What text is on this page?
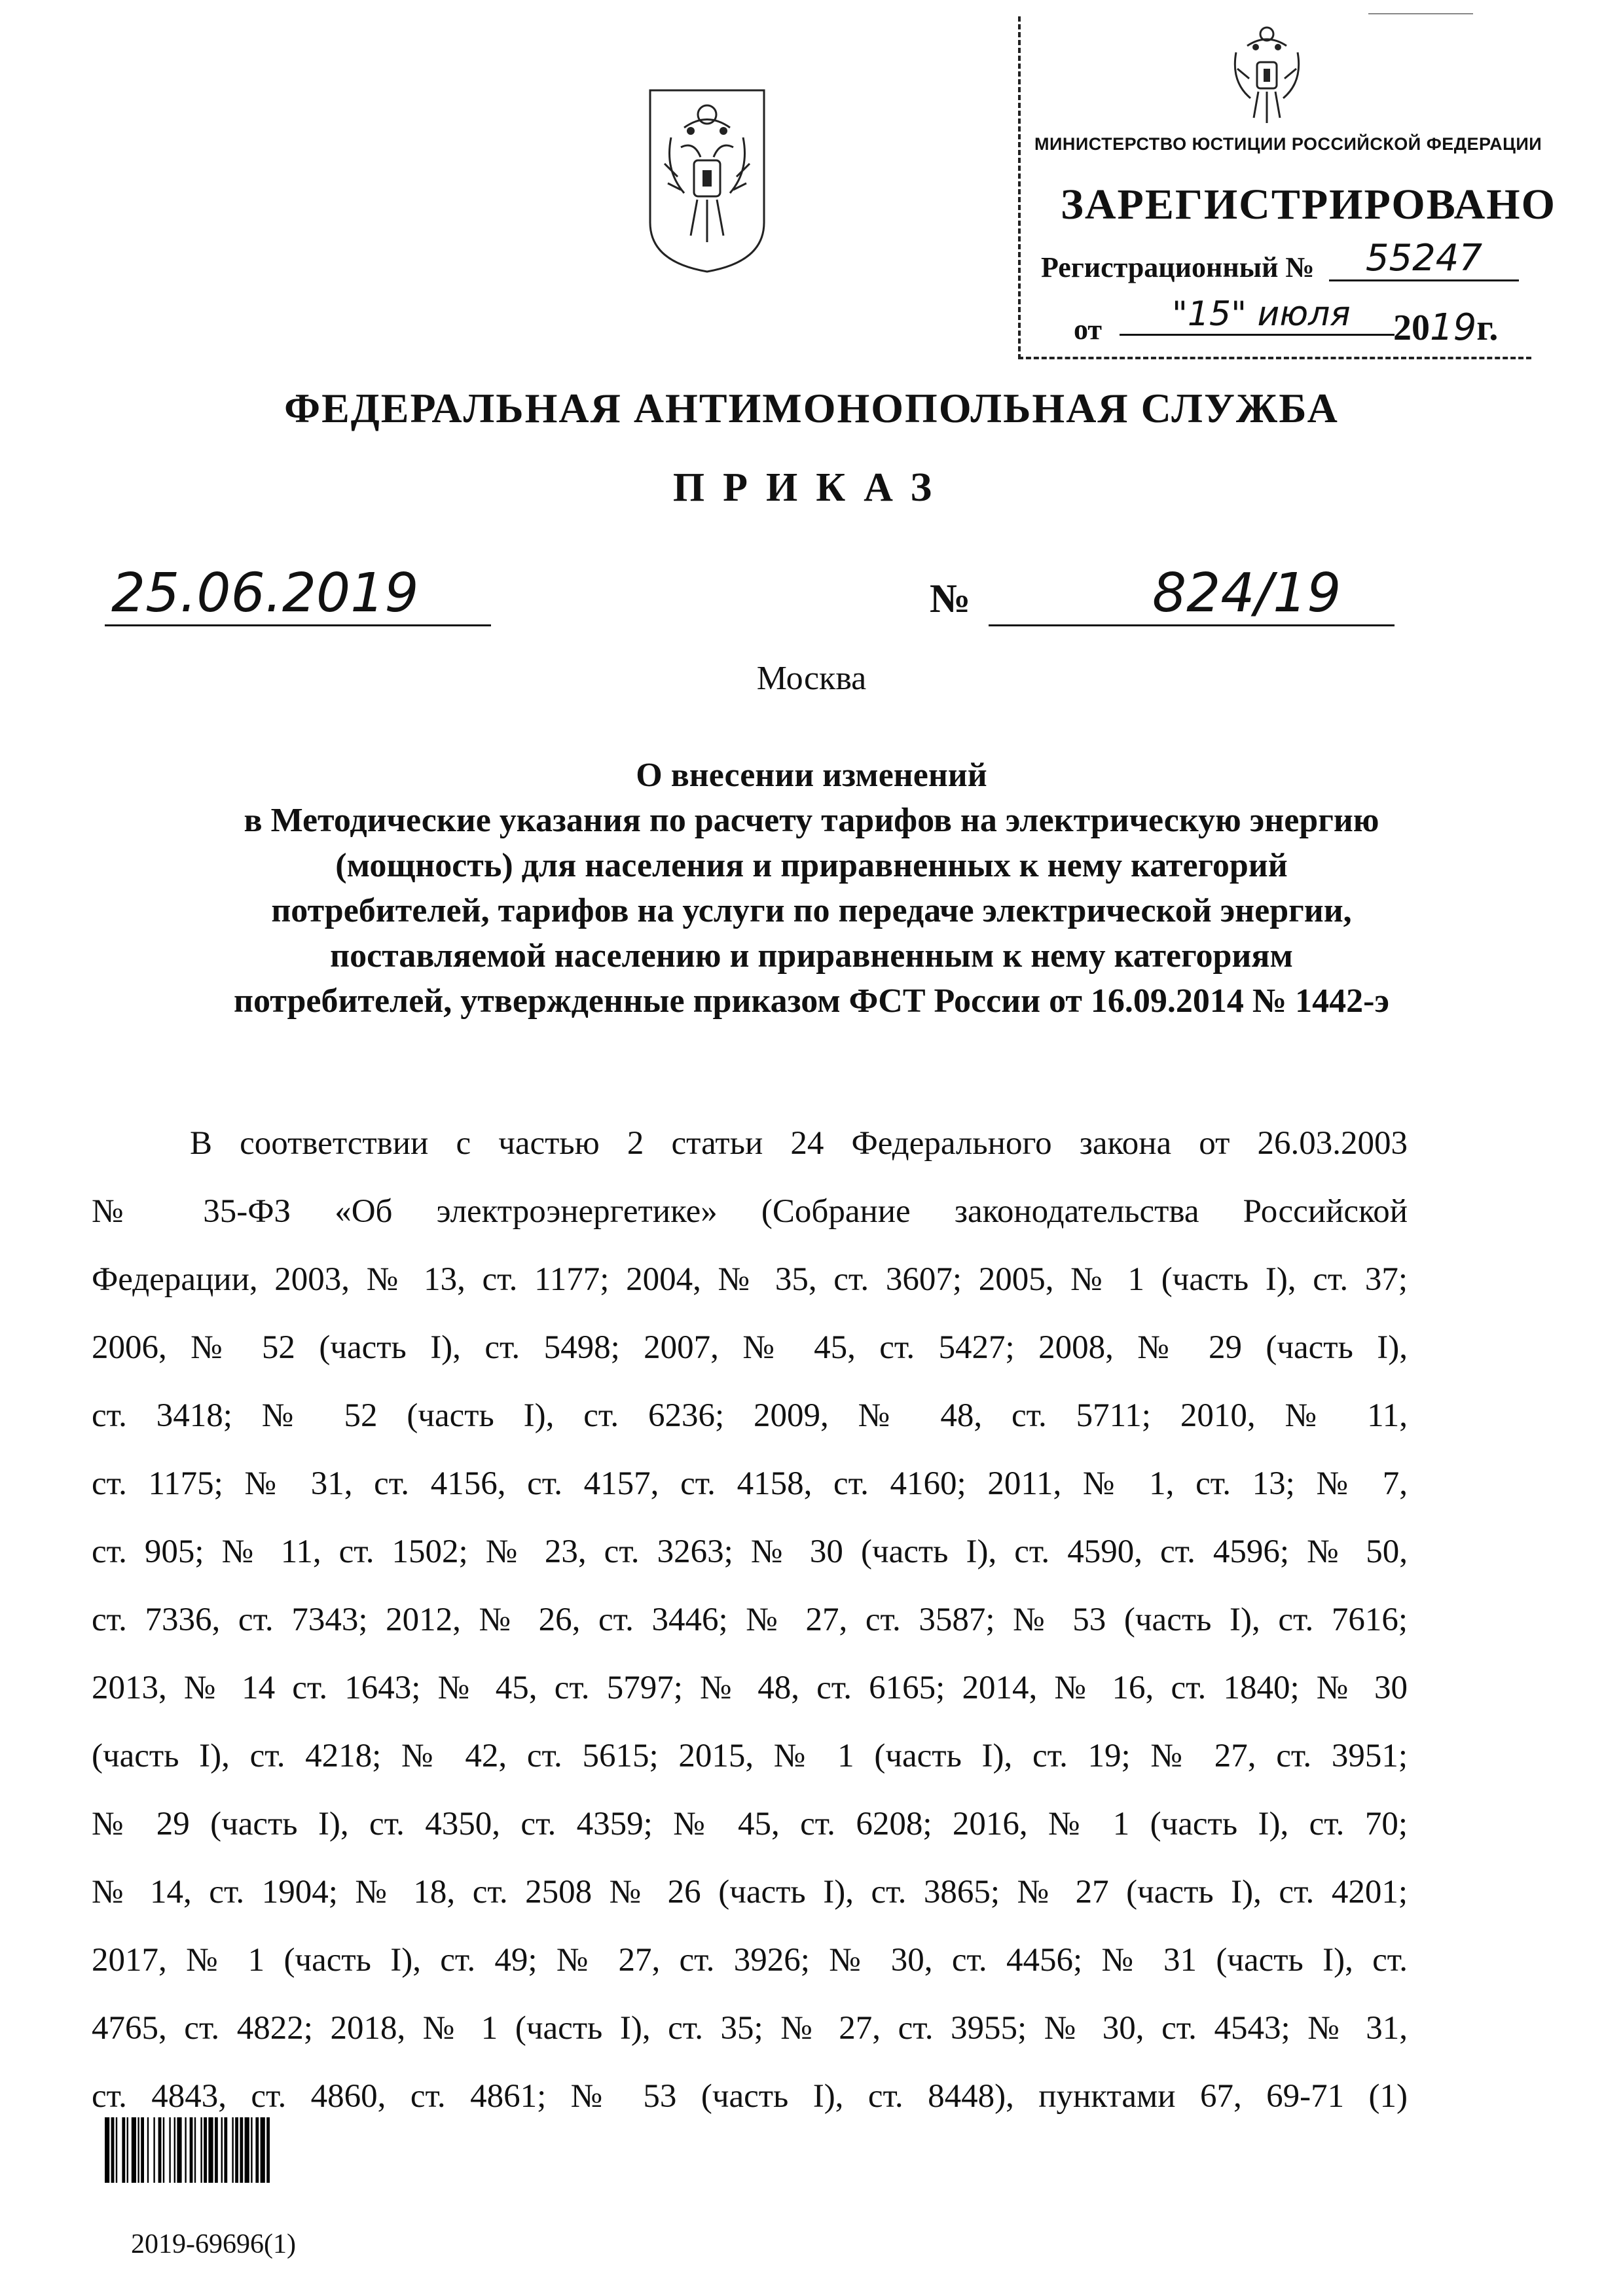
МИНИСТЕРСТВО ЮСТИЦИИ РОССИЙСКОЙ ФЕДЕРАЦИИ
ЗАРЕГИСТРИРОВАНО
Регистрационный №	55247
от	"15" июля	2019г.
ФЕДЕРАЛЬНАЯ АНТИМОНОПОЛЬНАЯ СЛУЖБА
ПРИКАЗ
25.06.2019	№	824/19
Москва
О внесении изменений
в Методические указания по расчету тарифов на электрическую энергию
(мощность) для населения и приравненных к нему категорий
потребителей, тарифов на услуги по передаче электрической энергии,
поставляемой населению и приравненным к нему категориям
потребителей, утвержденные приказом ФСТ России от 16.09.2014 № 1442-э
В соответствии с частью 2 статьи 24 Федерального закона от 26.03.2003
№ 35-ФЗ «Об электроэнергетике» (Собрание законодательства Российской
Федерации, 2003, № 13, ст. 1177; 2004, № 35, ст. 3607; 2005, № 1 (часть I), ст. 37;
2006, № 52 (часть I), ст. 5498; 2007, № 45, ст. 5427; 2008, № 29 (часть I),
ст. 3418; № 52 (часть I), ст. 6236; 2009, № 48, ст. 5711; 2010, № 11,
ст. 1175; № 31, ст. 4156, ст. 4157, ст. 4158, ст. 4160; 2011, № 1, ст. 13; № 7,
ст. 905; № 11, ст. 1502; № 23, ст. 3263; № 30 (часть I), ст. 4590, ст. 4596; № 50,
ст. 7336, ст. 7343; 2012, № 26, ст. 3446; № 27, ст. 3587; № 53 (часть I), ст. 7616;
2013, № 14 ст. 1643; № 45, ст. 5797; № 48, ст. 6165; 2014, № 16, ст. 1840; № 30
(часть I), ст. 4218; № 42, ст. 5615; 2015, № 1 (часть I), ст. 19; № 27, ст. 3951;
№ 29 (часть I), ст. 4350, ст. 4359; № 45, ст. 6208; 2016, № 1 (часть I), ст. 70;
№ 14, ст. 1904; № 18, ст. 2508 № 26 (часть I), ст. 3865; № 27 (часть I), ст. 4201;
2017, № 1 (часть I), ст. 49; № 27, ст. 3926; № 30, ст. 4456; № 31 (часть I), ст.
4765, ст. 4822; 2018, № 1 (часть I), ст. 35; № 27, ст. 3955; № 30, ст. 4543; № 31,
ст. 4843, ст. 4860, ст. 4861; № 53 (часть I), ст. 8448), пунктами 67, 69-71 (1)
2019-69696(1)
